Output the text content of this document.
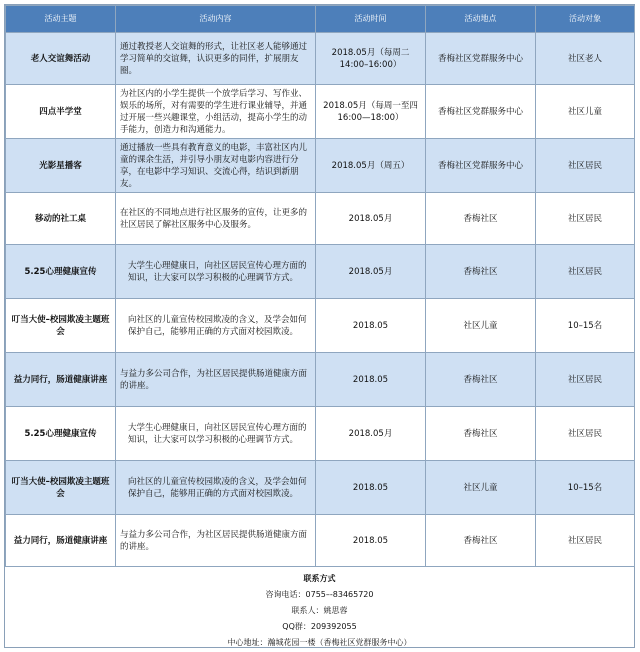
活动主题	活动内容	活动时间	活动地点	活动对象

老人交谊舞活动	通过教授老人交谊舞的形式，让社区老人能够通过
学习简单的交谊舞，认识更多的同伴，扩展朋友
圈。	2018.05月（每周二
14:00–16:00）	香梅社区党群服务中心	社区老人

四点半学堂	为社区内的小学生提供一个放学后学习、写作业、
娱乐的场所，对有需要的学生进行课业辅导，并通
过开展一些兴趣课堂，小组活动，提高小学生的动
手能力，创造力和沟通能力。	2018.05月（每周一至四
16:00—18:00）	香梅社区党群服务中心	社区儿童

光影星播客	通过播放一些具有教育意义的电影，丰富社区内儿
童的课余生活，并引导小朋友对电影内容进行分
享，在电影中学习知识、交流心得，结识到新朋
友。	2018.05月（周五）	香梅社区党群服务中心	社区居民

移动的社工桌	在社区的不同地点进行社区服务的宣传，让更多的
社区居民了解社区服务中心及服务。	2018.05月	香梅社区	社区居民

5.25心理健康宣传	大学生心理健康日，向社区居民宣传心理方面的
知识，让大家可以学习积极的心理调节方式。	2018.05月	香梅社区	社区居民

叮当大使–校园欺凌主题班
会	向社区的儿童宣传校园欺凌的含义，及学会如何
保护自己，能够用正确的方式面对校园欺凌。	2018.05	社区儿童	10–15名

益力同行，肠道健康讲座	与益力多公司合作，为社区居民提供肠道健康方面
的讲座。	2018.05	香梅社区	社区居民

5.25心理健康宣传	大学生心理健康日，向社区居民宣传心理方面的
知识，让大家可以学习积极的心理调节方式。	2018.05月	香梅社区	社区居民

叮当大使–校园欺凌主题班
会	向社区的儿童宣传校园欺凌的含义，及学会如何
保护自己，能够用正确的方式面对校园欺凌。	2018.05	社区儿童	10–15名

益力同行，肠道健康讲座	与益力多公司合作，为社区居民提供肠道健康方面
的讲座。	2018.05	香梅社区	社区居民
联系方式
咨询电话：0755–-83465720
联系人：姚思蓉
QQ群：209392055
中心地址：瀚城花园一楼（香梅社区党群服务中心）
